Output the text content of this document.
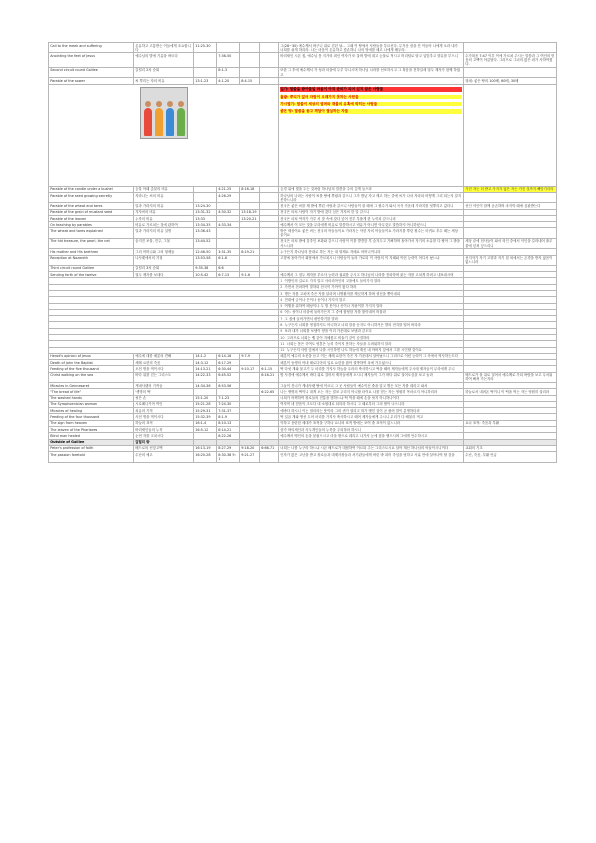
Call to the meek and suffering	온유하고 고통받는 이들에게 초요합니다	11:25-30				그(28~30) 예수께서 바구니 위로 걷던 날... 그때 이 땅에서 사람들을 부르신다. 무거운 짐을 진 이들아 나에게 오라 내가 너희를 쉬게 하리라. 나는 마음이 온유하고 겸손하니 나의 멍에를 메고 나에게 배우라.	
Anointing the feet of Jesus	예수님의 발에 기름을 바르다		7:36-50			바리새인 시몬 집, 예수님 몸 지가의 죄인 여자가 또 울며 발에 대고 눈물로 적시고 머리털로 닦고 입맞추고 향유를 부으니	수가복음 7:47 이루 이에 가르쳐 주시는 말씀과 그 여인의 믿음의 고백이 아름답다. 그러므로 그녀의 많은 죄가 사하여졌다.
Second circuit round Galilee	갈릴리 2차 순회		8:1-3			또한 그 후에 예수께서 각 성과 마을에 두루 다니시며 하나님 나라를 선포하시고 그 복음을 전하실새 열두 제자가 함께 하였고	
Parable of the sower	씨 뿌리는 자의 비유	13:1-23	4:1-20	8:4-15			열매: 좋은 땅의 100배, 60배, 30배

						길가: 말씀을 받아들일 마음이 아직 준비가 되어 있지 않은 사람들
돌밭: 뿌리가 없어 자람이 오래가지 못하는 사람들
가시떨기: 말씀이 세상의 염려와 재물의 유혹에 막히는 사람들
좋은 땅: 말씀을 듣고 깨달아 결실하는 자들	

Parable of the candle under a bushel	등불 아래 촛불의 비유		4:21-25	8:16-18		등경 위에 빛을 두는 것처럼 하나님의 말씀을 주의 깊게 들으라	가진 자는 더 받고 가지지 않은 자는 가진 것까지 빼앗기리라
Parable of the seed growing secretly	자라나는 씨의 비유		4:26-29			하나님의 나라는 사람이 씨를 땅에 뿌림과 같으니 그가 밤낮 자고 깨고 하는 중에 씨가 나서 자라되 어떻게 그리 되는지 알지 못하느니라	
Parable of the wheat and tares	밀과 가라지의 비유	13:24-30				천국은 좋은 씨를 제 밭에 뿌린 사람과 같으니 사람들이 잘 때에 그 원수가 와서 곡식 가운데 가라지를 덧뿌리고 갔더니	선인 악인이 함께 공존하며 마지막 때에 심판받는다
Parable of the grain of mustard seed	겨자씨의 비유	13:31-32	4:30-32	13:18-19		천국은 마치 사람이 자기 밭에 갖다 심은 겨자씨 한 알 같으니	
Parable of the leaven	누룩의 비유	13:33		13:20-21		천국은 마치 여자가 가루 서 말 속에 갖다 넣어 전부 부풀게 한 누룩과 같으니라	
On teaching by parables	비유로 가르치는 것에 관하여	13:34-35	4:33-34			예수께서 이 모든 것을 무리에게 비유로 말씀하시고 비유가 아니면 아무것도 말씀하지 아니하셨으니	
The wheat and tares explained	밀과 가라지의 비유 설명	13:36-43				밭은 세상이요 좋은 씨는 천국의 아들들이요 가라지는 악한 자의 아들들이요 가라지를 뿌린 원수는 마귀요 추수 때는 세상 끝이요	
The hid treasure, the pearl, the net	숨겨진 보물, 진주, 그물	13:44-52				천국은 마치 밭에 감추인 보화와 같으니 사람이 이를 발견한 후 숨겨두고 기뻐하며 돌아가서 자기의 소유를 다 팔아 그 밭을 사느니라	세상 끝에 천사들이 와서 의인 중에서 악인을 갈라내어 풀무 불에 던져 넣으리니
His mother and His brethren	그의 어머니와 그의 형제들	12:46-50	3:31-35	8:19-21		누구든지 하나님의 뜻대로 하는 자는 내 형제요 자매요 어머니이니라	
Reception at Nazareth	나사렛에서의 거절	13:53-58	6:1-6			고향에 돌아가사 회당에서 가르치시니 사람들이 놀라 가로되 이 사람의 이 지혜와 이런 능력이 어디서 났느냐	선지자가 자기 고향과 자기 집 외에서는 존경을 받지 않음이 없느니라
Third circuit round Galilee	갈릴리 3차 순회	9:35-38	6:6				
Sending forth of the twelve	열두 제자를 보내다	10:5-42	6:7-13	9:1-6		예수께서 그 열두 제자를 부르사 능력과 권위를 주시고 하나님의 나라를 전파하며 앓는 자를 고치게 하려고 내보내시며	
						1  이방인의 길로도 가지 말고 사마리아인의 고을에도 들어가지 말라	
						2  가면서 전파하여 말하되 천국이 가까이 왔다 하라	
						3  병든 자를 고치며 죽은 자를 살리며 나병환자를 깨끗하게 하며 귀신을 쫓아내되	
						4  전대에 금이나 은이나 동이나 가지지 말고	
						5  여행을 위하여 배낭이나 두 벌 옷이나 신이나 지팡이를 가지지 말라	
						6  어느 성이나 마을에 들어가든지 그 중에 합당한 자를 찾아내어 머물라	
						7  그 집에 들어가면서 평안하기를 빌라	
						8  누구든지 너희를 영접하지도 아니하고 너희 말을 듣지도 아니하거든 발의 먼지를 떨어 버리라	
						9  보라 내가 너희를 보냄이 양을 이리 가운데로 보냄과 같도다	
						10  그러므로 너희는 뱀 같이 지혜롭고 비둘기 같이 순결하라	
						11  너희는 몸은 죽여도 영혼은 능히 죽이지 못하는 자들을 두려워하지 말라	
						12  누구든지 사람 앞에서 나를 시인하면 나도 하늘에 계신 내 아버지 앞에서 그를 시인할 것이요	
Herod's opinion of Jesus	예수에 대한 헤롯의 견해	14:1-2	6:14-16	9:7-9		헤롯이 예수의 소문을 듣고 이는 세례 요한이 죽은 자 가운데서 살아났으니 그러므로 이런 능력이 그 속에서 역사하는도다	
Death of John the Baptist	세례 요한의 죽음	14:3-12	6:17-29			헤롯이 동생의 아내 헤로디아의 일로 요한을 잡아 결박하여 옥에 가두었으니	
Feeding of the five thousand	오천 명을 먹이시다	14:13-21	6:30-44	9:10-17	6:1-15	떡 다섯 개와 물고기 두 마리를 가지사 하늘을 우러러 축사하시고 떡을 떼어 제자들에게 주시매 제자들이 무리에게 주니	
Christ walking on the sea	바다 위를 걷는 그리스도	14:22-33	6:45-52		6:16-21	밤 사경에 예수께서 바다 위로 걸어서 제자들에게 오시니 제자들이 그가 바다 위로 걸어오심을 보고 놀라	베드로가 물 위로 걸어서 예수께로 가되 바람을 보고 무서워하여 빠져 가는지라
Miracles in Gennesaret	게네사렛의 기적들	14:34-36	6:53-56			그들이 건너가 게네사렛 땅에 이르니 그 곳 사람들이 예수이신 줄을 알고 병든 모든 자를 데리고 와서	
"The bread of life"	'생명의 떡'				6:22-65	나는 생명의 떡이니 내게 오는 자는 결코 주리지 아니할 터이요 나를 믿는 자는 영원히 목마르지 아니하리라	하늘로서 내려온 떡이니 이 떡을 먹는 자는 영원히 살리라
The washed hands	씻은 손	15:1-20	7:1-23			너희가 어찌하여 장로들의 전통을 범하느냐 떡 먹을 때에 손을 씻지 아니하나이다	
The Syrophoenician woman	시로페니키아 여인	15:21-28	7:24-30			여자여 네 믿음이 크도다 네 소원대로 되리라 하시니 그 때로부터 그의 딸이 나으니라	
Miracles of healing	치유의 기적	15:29-31	7:31-37			에바다 하시니 이는 열리라는 뜻이라 그의 귀가 열리고 혀가 맺힌 것이 곧 풀려 말이 분명하더라	
Feeding of the four thousand	사천 명을 먹이시다	15:32-39	8:1-9			떡 일곱 개와 생선 두어 마리를 가지사 축사하시고 떼어 제자들에게 주시니 무리가 다 배불리 먹고	
The sign from heaven	하늘의 표적	16:1-4	8:10-13			악하고 음란한 세대가 표적을 구하나 요나의 표적 밖에는 보여 줄 표적이 없느니라	요나 표적: 죽음과 부활
The leaven of the Pharisees	바리새인들의 누룩	16:5-12	8:14-21			삼가 바리새인과 사두개인들의 누룩을 주의하라 하시니	
Blind man healed	눈먼 자를 고치시다		8:22-26			예수께서 맹인의 손을 붙잡으시고 마을 밖으로 데리고 나가사 눈에 침을 뱉으시며 그에게 안수하시고	
Outside of Galilee	갈릴리 밖						
Peter's profession of faith	베드로의 신앙고백	16:13-19	8:27-29	9:18-20	6:66-71	너희는 나를 누구라 하느냐 시몬 베드로가 대답하여 이르되 주는 그리스도시요 살아 계신 하나님의 아들이시니이다	교회의 기초
The passion foretold	수난의 예고	16:20-28	8:30-38 9:1	9:21-27		인자가 많은 고난을 받고 장로들과 대제사장들과 서기관들에게 버린 바 되어 죽임을 당하고 사흘 만에 살아나야 할 것을	수난, 죽음, 부활 언급
